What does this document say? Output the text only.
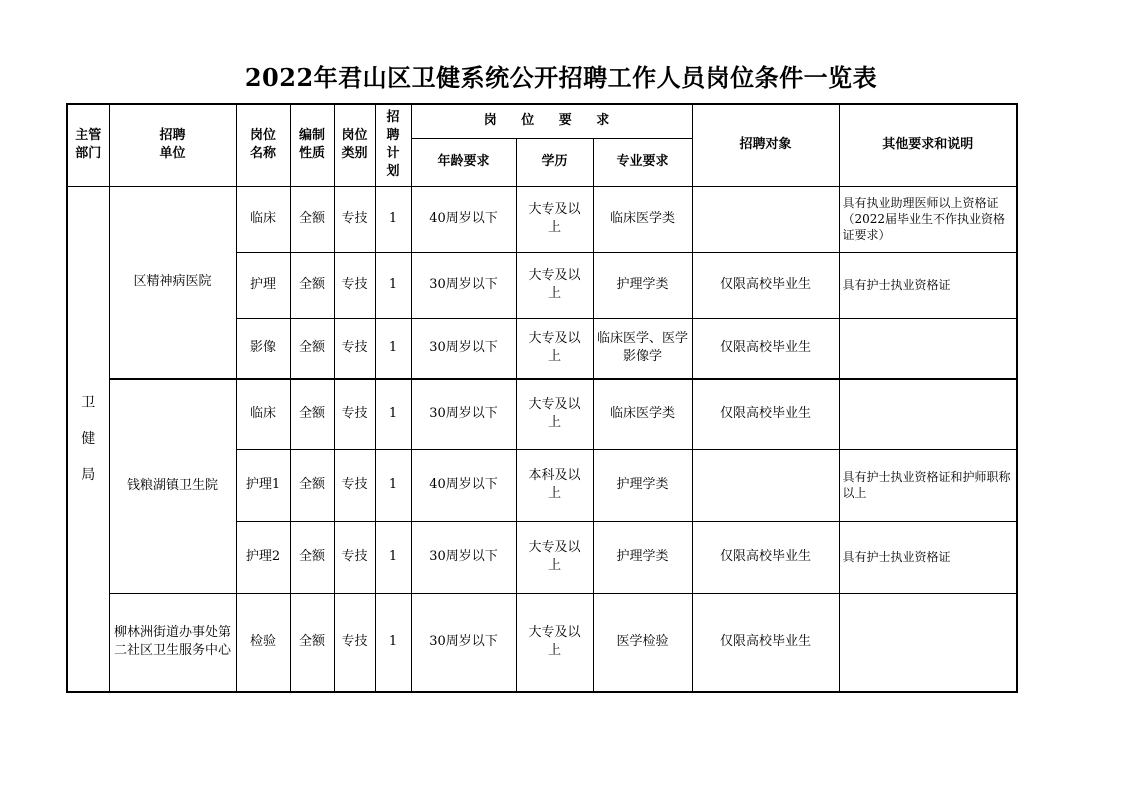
2022年君山区卫健系统公开招聘工作人员岗位条件一览表
主管部门	招聘单位	岗位名称	编制性质	岗位类别	招聘计划	岗 位 要 求			招聘对象	其他要求和说明
						年龄要求	学历	专业要求		

卫健局	区精神病医院	临床	全额	专技	1	40周岁以下	大专及以上	临床医学类		具有执业助理医师以上资格证（2022届毕业生不作执业资格证要求）
		护理	全额	专技	1	30周岁以下	大专及以上	护理学类	仅限高校毕业生	具有护士执业资格证
		影像	全额	专技	1	30周岁以下	大专及以上	临床医学、医学影像学	仅限高校毕业生	
	钱粮湖镇卫生院	临床	全额	专技	1	30周岁以下	大专及以上	临床医学类	仅限高校毕业生	
		护理1	全额	专技	1	40周岁以下	本科及以上	护理学类		具有护士执业资格证和护师职称以上
		护理2	全额	专技	1	30周岁以下	大专及以上	护理学类	仅限高校毕业生	具有护士执业资格证

	柳林洲街道办事处第二社区卫生服务中心	检验	全额	专技	1	30周岁以下	大专及以上	医学检验	仅限高校毕业生	
